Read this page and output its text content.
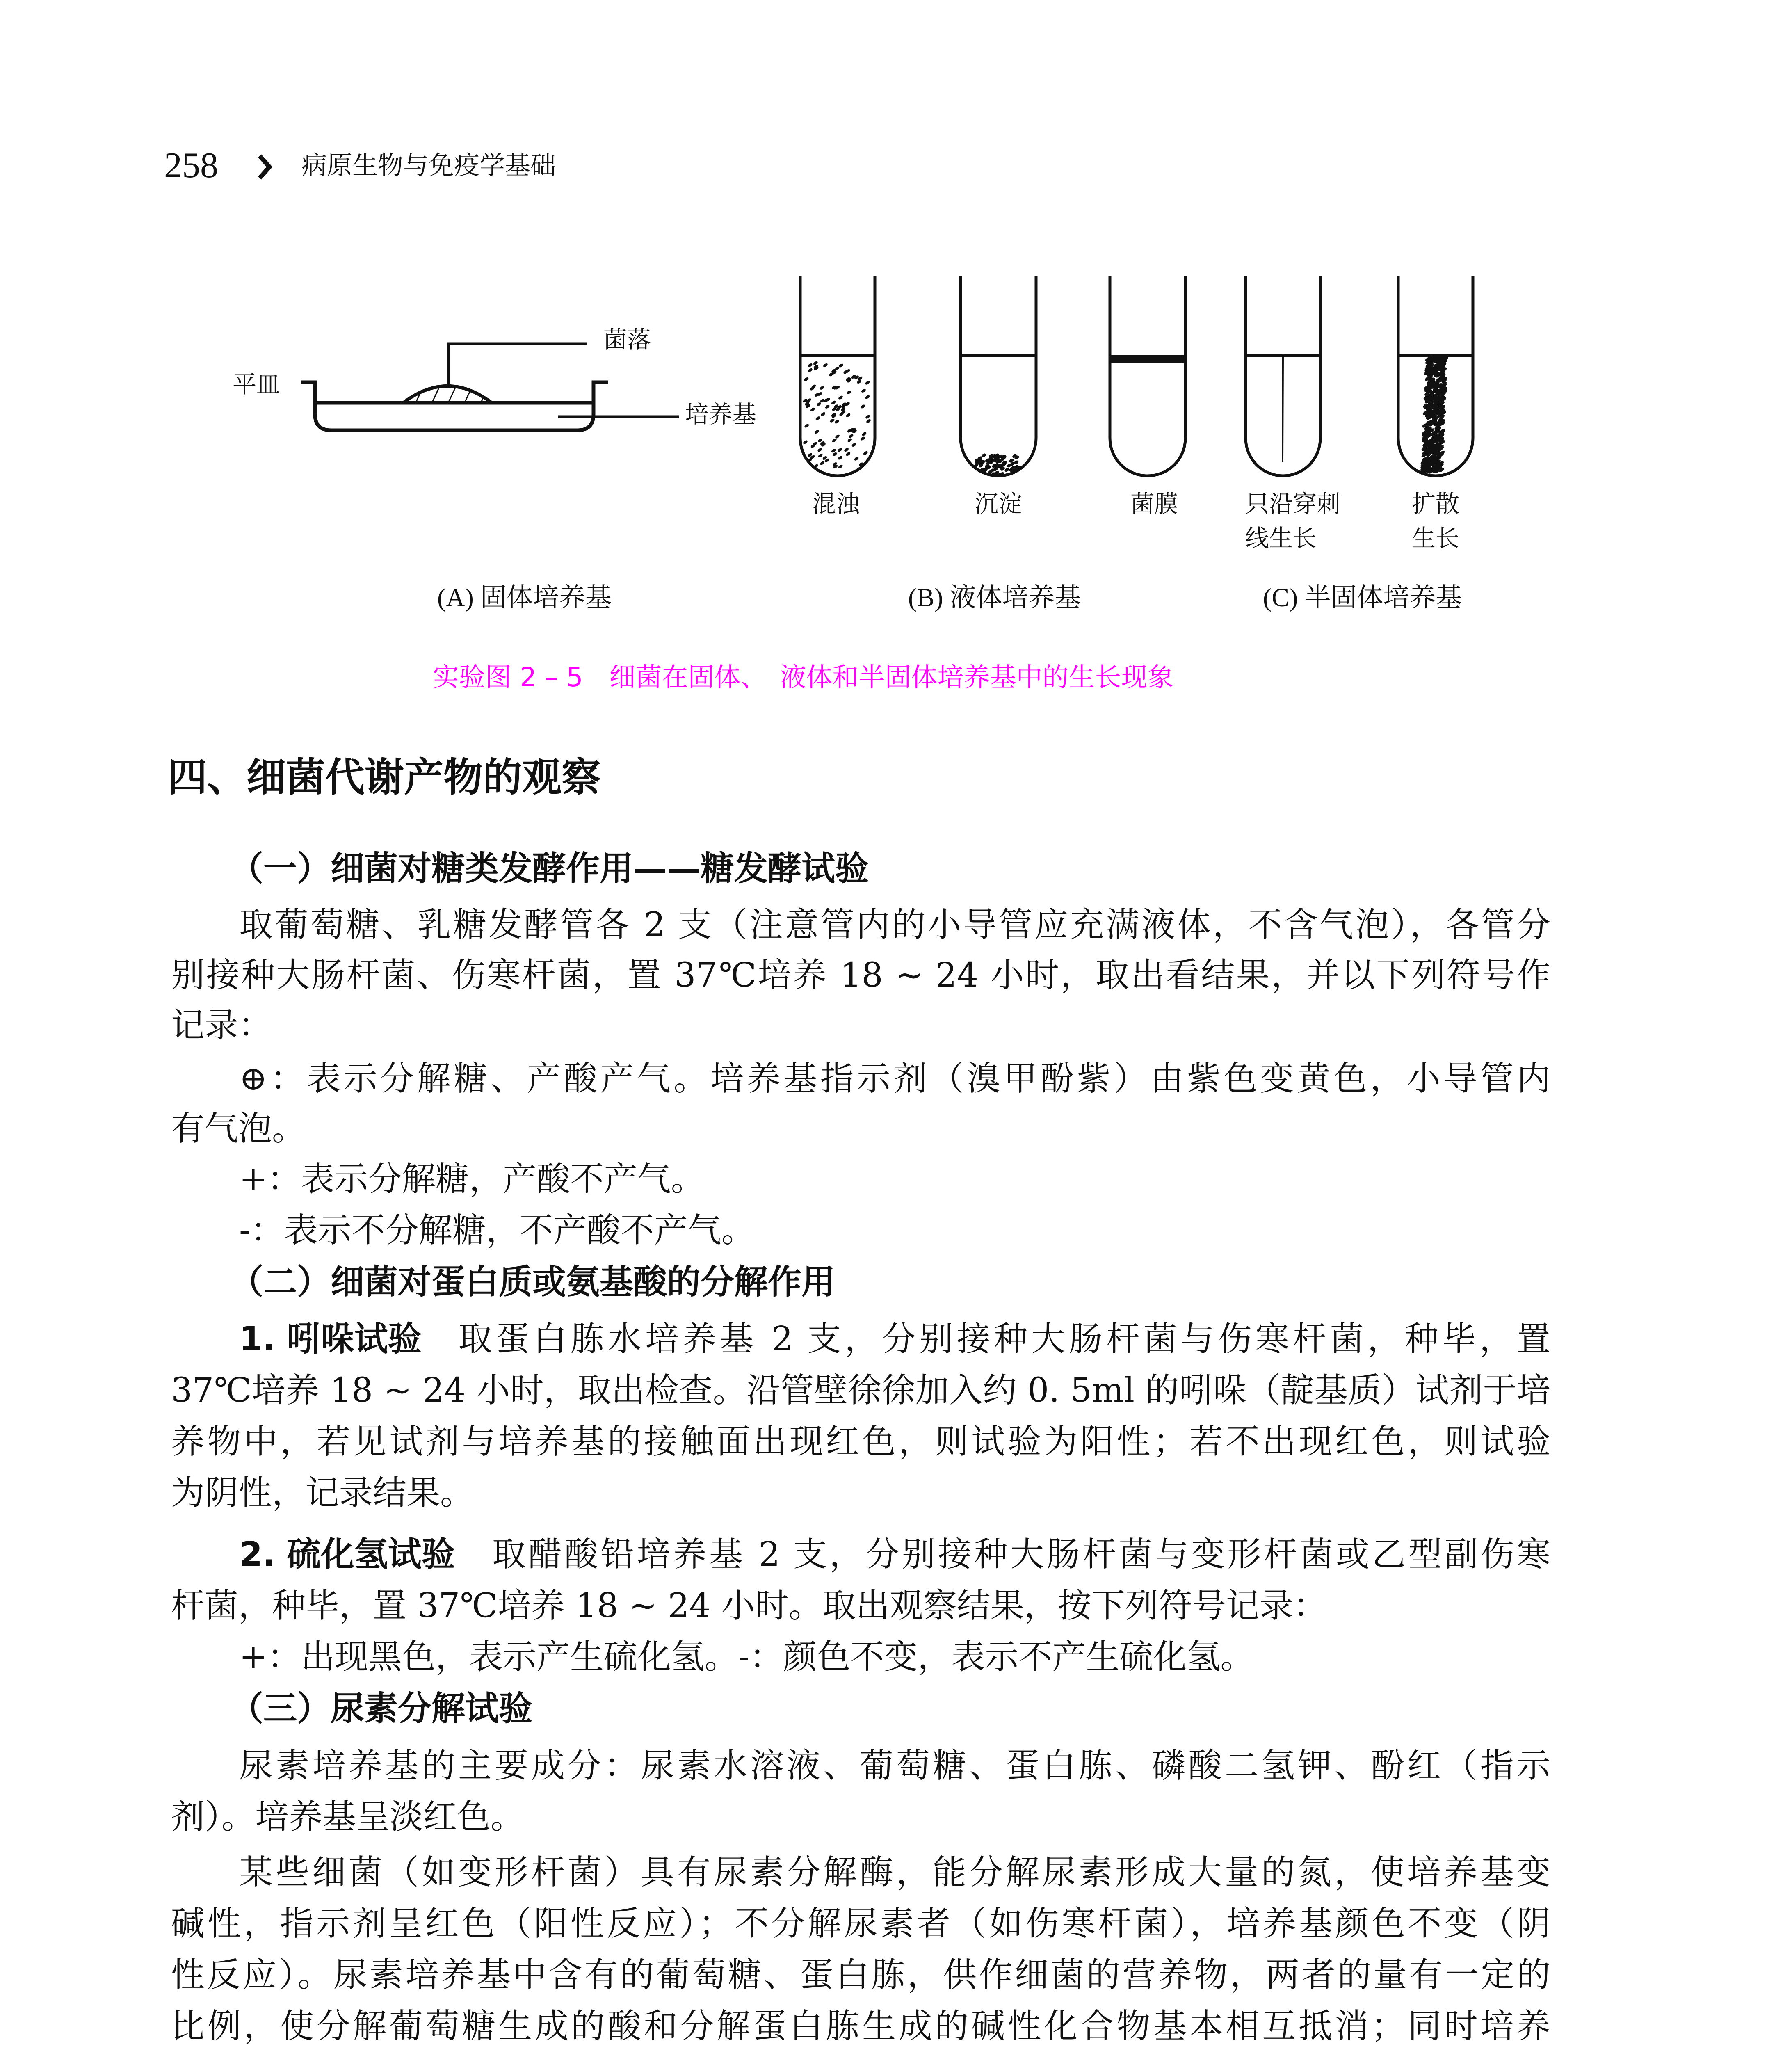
258	病原生物与免疫学基础
平皿
菌落
培养基
(A) 固体培养基
混浊	沉淀	菌膜	只沿穿刺
线生长
扩散
生长
(B) 液体培养基	(C) 半固体培养基
实验图 2 – 5　细菌在固体、　液体和半固体培养基中的生长现象
四、细菌代谢产物的观察
（一）细菌对糖类发酵作用——糖发酵试验
取葡萄糖、乳糖发酵管各 2 支（注意管内的小导管应充满液体，不含气泡），各管分
别接种大肠杆菌、伤寒杆菌，置 37℃培养 18 ~ 24 小时，取出看结果，并以下列符号作
记录：
⊕：表示分解糖、产酸产气。培养基指示剂（溴甲酚紫）由紫色变黄色，小导管内
有气泡。
+：表示分解糖，产酸不产气。
-：表示不分解糖，不产酸不产气。
（二）细菌对蛋白质或氨基酸的分解作用
1. 吲哚试验 取蛋白胨水培养基 2 支，分别接种大肠杆菌与伤寒杆菌，种毕，置
37℃培养 18 ~ 24 小时，取出检查。沿管壁徐徐加入约 0. 5ml 的吲哚（靛基质）试剂于培
养物中，若见试剂与培养基的接触面出现红色，则试验为阳性；若不出现红色，则试验
为阴性，记录结果。
2. 硫化氢试验 取醋酸铅培养基 2 支，分别接种大肠杆菌与变形杆菌或乙型副伤寒
杆菌，种毕，置 37℃培养 18 ~ 24 小时。取出观察结果，按下列符号记录：
+：出现黑色，表示产生硫化氢。-：颜色不变，表示不产生硫化氢。
（三）尿素分解试验
尿素培养基的主要成分：尿素水溶液、葡萄糖、蛋白胨、磷酸二氢钾、酚红（指示
剂）。培养基呈淡红色。
某些细菌（如变形杆菌）具有尿素分解酶，能分解尿素形成大量的氮，使培养基变
碱性，指示剂呈红色（阳性反应）；不分解尿素者（如伤寒杆菌），培养基颜色不变（阴
性反应）。尿素培养基中含有的葡萄糖、蛋白胨，供作细菌的营养物，两者的量有一定的
比例，使分解葡萄糖生成的酸和分解蛋白胨生成的碱性化合物基本相互抵消；同时培养
